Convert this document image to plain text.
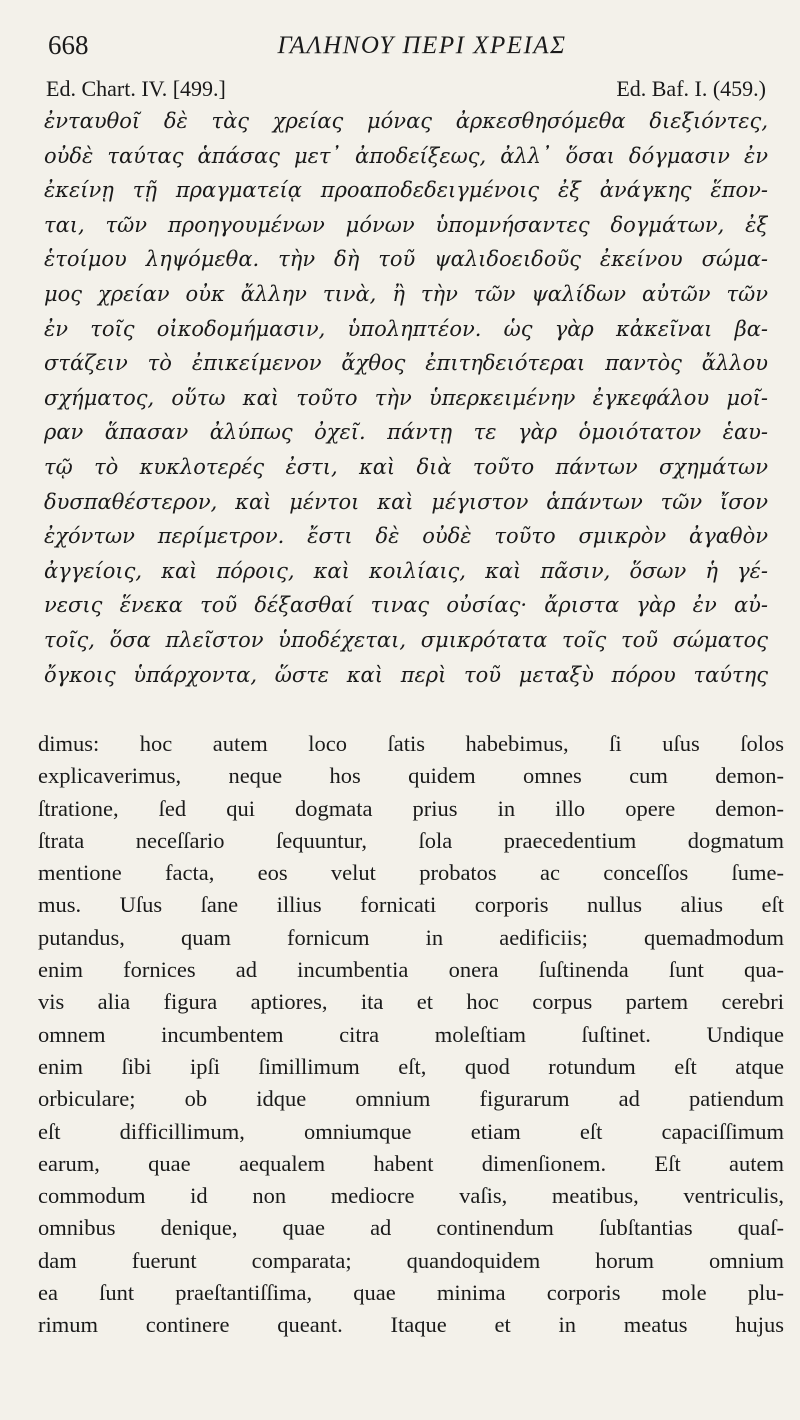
668	ΓΑΛΗΝΟΥ ΠΕΡΙ ΧΡΕΙΑΣ
Ed. Chart. IV. [499.]	Ed. Baf. I. (459.)
ἐνταυθοῖ δὲ τὰς χρείας μόνας ἀρκεσθησόμεθα διεξιόντες,
οὐδὲ ταύτας ἁπάσας μετ᾽ ἀποδείξεως, ἀλλ᾽ ὅσαι δόγμασιν ἐν
ἐκείνῃ τῇ πραγματείᾳ προαποδεδειγμένοις ἐξ ἀνάγκης ἕπον-
ται, τῶν προηγουμένων μόνων ὑπομνήσαντες δογμάτων, ἐξ
ἑτοίμου ληψόμεθα. τὴν δὴ τοῦ ψαλιδοειδοῦς ἐκείνου σώμα-
μος χρείαν οὐκ ἄλλην τινὰ, ἢ τὴν τῶν ψαλίδων αὐτῶν τῶν
ἐν τοῖς οἰκοδομήμασιν, ὑποληπτέον. ὡς γὰρ κἀκεῖναι βα-
στάζειν τὸ ἐπικείμενον ἄχθος ἐπιτηδειότεραι παντὸς ἄλλου
σχήματος, οὕτω καὶ τοῦτο τὴν ὑπερκειμένην ἐγκεφάλου μοῖ-
ραν ἅπασαν ἀλύπως ὀχεῖ. πάντῃ τε γὰρ ὁμοιότατον ἑαυ-
τῷ τὸ κυκλοτερές ἐστι, καὶ διὰ τοῦτο πάντων σχημάτων
δυσπαθέστερον, καὶ μέντοι καὶ μέγιστον ἁπάντων τῶν ἴσον
ἐχόντων περίμετρον. ἔστι δὲ οὐδὲ τοῦτο σμικρὸν ἀγαθὸν
ἀγγείοις, καὶ πόροις, καὶ κοιλίαις, καὶ πᾶσιν, ὅσων ἡ γέ-
νεσις ἕνεκα τοῦ δέξασθαί τινας οὐσίας· ἄριστα γὰρ ἐν αὐ-
τοῖς, ὅσα πλεῖστον ὑποδέχεται, σμικρότατα τοῖς τοῦ σώματος
ὄγκοις ὑπάρχοντα, ὥστε καὶ περὶ τοῦ μεταξὺ πόρου ταύτης
dimus: hoc autem loco ſatis habebimus, ſi uſus ſolos
explicaverimus, neque hos quidem omnes cum demon-
ſtratione, ſed qui dogmata prius in illo opere demon-
ſtrata neceſſario ſequuntur, ſola praecedentium dogmatum
mentione facta, eos velut probatos ac conceſſos ſume-
mus. Uſus ſane illius fornicati corporis nullus alius eſt
putandus, quam fornicum in aedificiis; quemadmodum
enim fornices ad incumbentia onera ſuſtinenda ſunt qua-
vis alia figura aptiores, ita et hoc corpus partem cerebri
omnem incumbentem citra moleſtiam ſuſtinet. Undique
enim ſibi ipſi ſimillimum eſt, quod rotundum eſt atque
orbiculare; ob idque omnium figurarum ad patiendum
eſt difficillimum, omniumque etiam eſt capaciſſimum
earum, quae aequalem habent dimenſionem. Eſt autem
commodum id non mediocre vaſis, meatibus, ventriculis,
omnibus denique, quae ad continendum ſubſtantias quaſ-
dam fuerunt comparata; quandoquidem horum omnium
ea ſunt praeſtantiſſima, quae minima corporis mole plu-
rimum continere queant. Itaque et in meatus hujus
